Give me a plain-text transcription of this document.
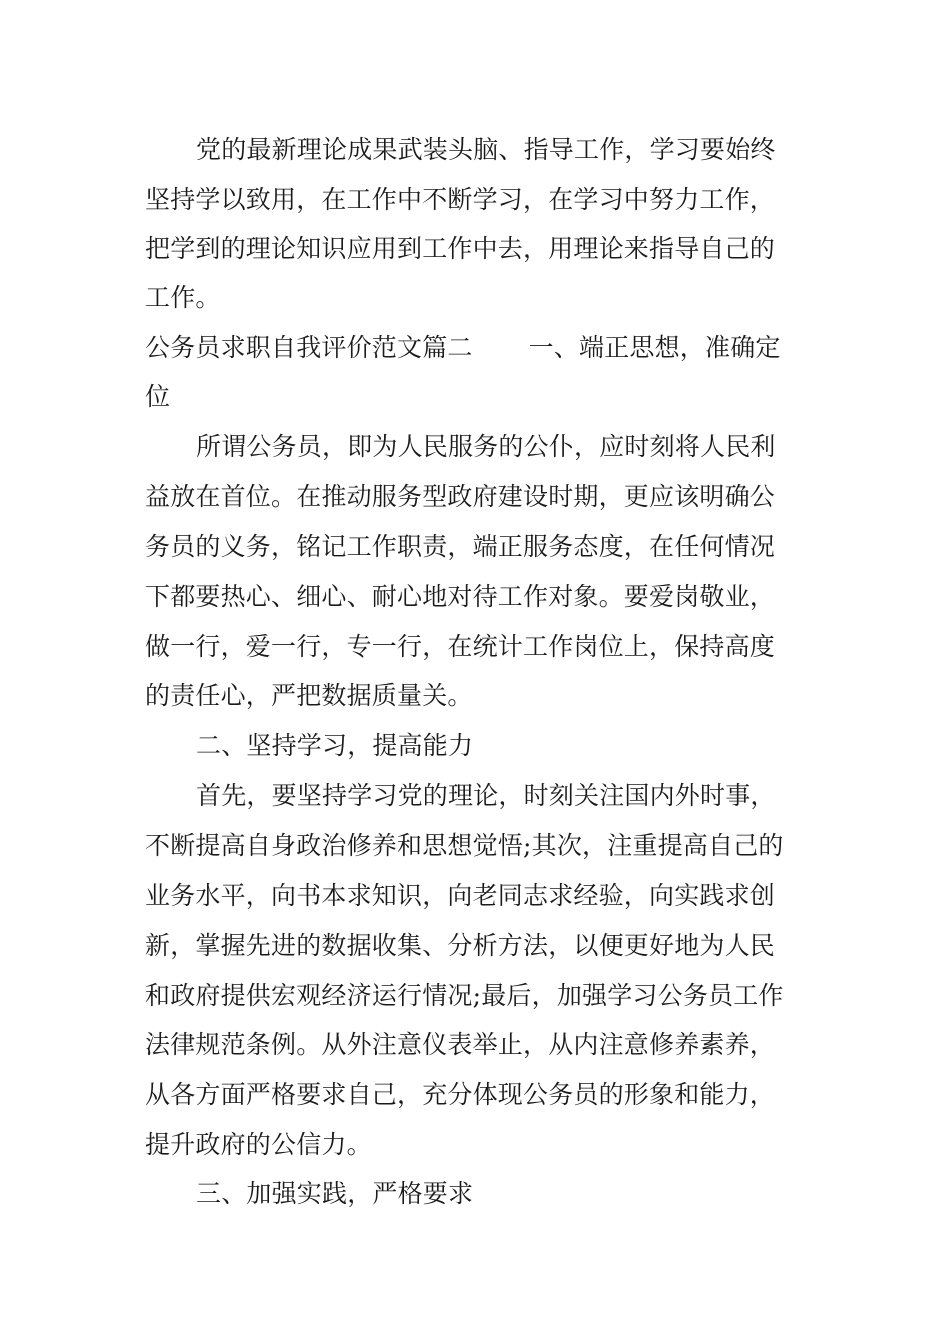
党的最新理论成果武装头脑、指导工作，学习要始终
坚持学以致用，在工作中不断学习，在学习中努力工作，
把学到的理论知识应用到工作中去，用理论来指导自己的
工作。
公务员求职自我评价范文篇二 一、端正思想，准确定
位
所谓公务员，即为人民服务的公仆，应时刻将人民利
益放在首位。在推动服务型政府建设时期，更应该明确公
务员的义务，铭记工作职责，端正服务态度，在任何情况
下都要热心、细心、耐心地对待工作对象。要爱岗敬业，
做一行，爱一行，专一行，在统计工作岗位上，保持高度
的责任心，严把数据质量关。
二、坚持学习，提高能力
首先，要坚持学习党的理论，时刻关注国内外时事，
不断提高自身政治修养和思想觉悟;其次，注重提高自己的
业务水平，向书本求知识，向老同志求经验，向实践求创
新，掌握先进的数据收集、分析方法，以便更好地为人民
和政府提供宏观经济运行情况;最后，加强学习公务员工作
法律规范条例。从外注意仪表举止，从内注意修养素养，
从各方面严格要求自己，充分体现公务员的形象和能力，
提升政府的公信力。
三、加强实践，严格要求
